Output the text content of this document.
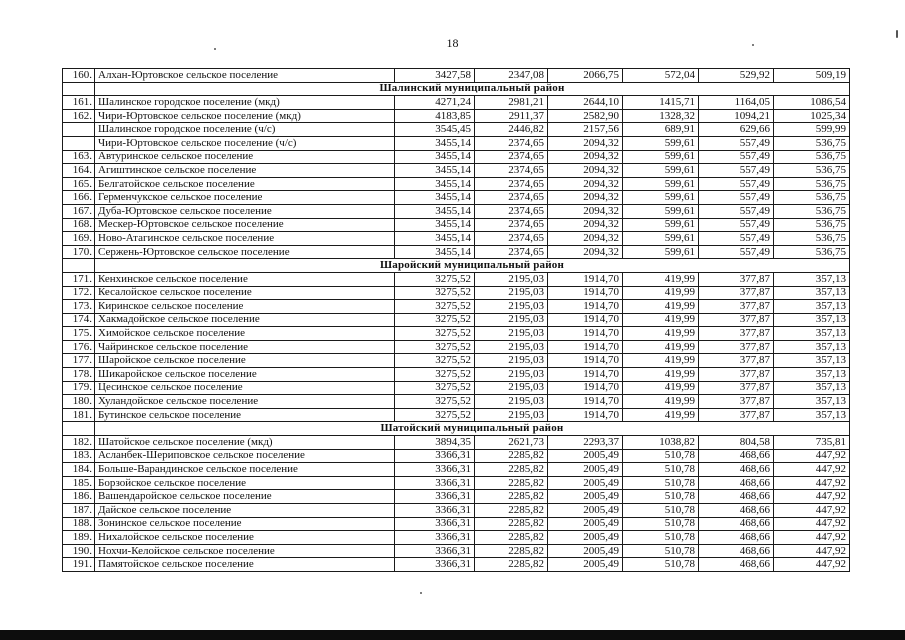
18
160.	Алхан-Юртовское сельское поселение	3427,58	2347,08	2066,75	572,04	529,92	509,19
	Шалинский муниципальный район						
161.	Шалинское городское поселение (мкд)	4271,24	2981,21	2644,10	1415,71	1164,05	1086,54
162.	Чири-Юртовское сельское поселение (мкд)	4183,85	2911,37	2582,90	1328,32	1094,21	1025,34
	Шалинское городское поселение (ч/с)	3545,45	2446,82	2157,56	689,91	629,66	599,99
	Чири-Юртовское сельское поселение (ч/с)	3455,14	2374,65	2094,32	599,61	557,49	536,75
163.	Автуринское сельское поселение	3455,14	2374,65	2094,32	599,61	557,49	536,75
164.	Агиштинское сельское поселение	3455,14	2374,65	2094,32	599,61	557,49	536,75
165.	Белгатойское сельское поселение	3455,14	2374,65	2094,32	599,61	557,49	536,75
166.	Герменчукское сельское поселение	3455,14	2374,65	2094,32	599,61	557,49	536,75
167.	Дуба-Юртовское сельское поселение	3455,14	2374,65	2094,32	599,61	557,49	536,75
168.	Мескер-Юртовское сельское поселение	3455,14	2374,65	2094,32	599,61	557,49	536,75
169.	Ново-Атагинское сельское поселение	3455,14	2374,65	2094,32	599,61	557,49	536,75
170.	Сержень-Юртовское сельское поселение	3455,14	2374,65	2094,32	599,61	557,49	536,75
	Шаройский муниципальный район						
171.	Кенхинское сельское поселение	3275,52	2195,03	1914,70	419,99	377,87	357,13
172.	Кесалойское сельское поселение	3275,52	2195,03	1914,70	419,99	377,87	357,13
173.	Киринское сельское поселение	3275,52	2195,03	1914,70	419,99	377,87	357,13
174.	Хакмадойское сельское поселение	3275,52	2195,03	1914,70	419,99	377,87	357,13
175.	Химойское сельское поселение	3275,52	2195,03	1914,70	419,99	377,87	357,13
176.	Чайринское сельское поселение	3275,52	2195,03	1914,70	419,99	377,87	357,13
177.	Шаройское сельское поселение	3275,52	2195,03	1914,70	419,99	377,87	357,13
178.	Шикаройское сельское поселение	3275,52	2195,03	1914,70	419,99	377,87	357,13
179.	Цесинское сельское поселение	3275,52	2195,03	1914,70	419,99	377,87	357,13
180.	Хуландойское сельское поселение	3275,52	2195,03	1914,70	419,99	377,87	357,13
181.	Бутинское сельское поселение	3275,52	2195,03	1914,70	419,99	377,87	357,13
	Шатойский муниципальный район						
182.	Шатойское сельское поселение (мкд)	3894,35	2621,73	2293,37	1038,82	804,58	735,81
183.	Асланбек-Шериповское сельское поселение	3366,31	2285,82	2005,49	510,78	468,66	447,92
184.	Больше-Варандинское сельское поселение	3366,31	2285,82	2005,49	510,78	468,66	447,92
185.	Борзойское сельское поселение	3366,31	2285,82	2005,49	510,78	468,66	447,92
186.	Вашендаройское сельское поселение	3366,31	2285,82	2005,49	510,78	468,66	447,92
187.	Дайское сельское поселение	3366,31	2285,82	2005,49	510,78	468,66	447,92
188.	Зонинское сельское поселение	3366,31	2285,82	2005,49	510,78	468,66	447,92
189.	Нихалойское сельское поселение	3366,31	2285,82	2005,49	510,78	468,66	447,92
190.	Нохчи-Келойское сельское поселение	3366,31	2285,82	2005,49	510,78	468,66	447,92
191.	Памятойское сельское поселение	3366,31	2285,82	2005,49	510,78	468,66	447,92
